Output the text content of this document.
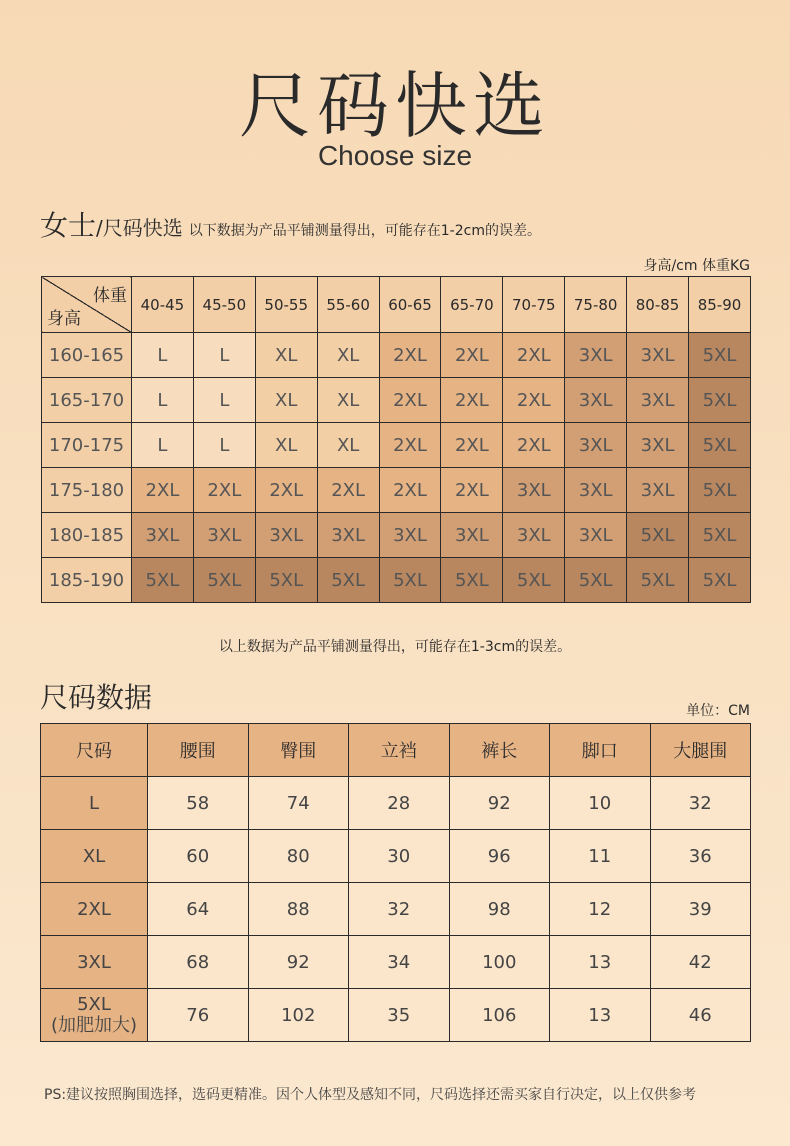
尺码快选
Choose size
女士/尺码快选 以下数据为产品平铺测量得出，可能存在1-2cm的误差。
身高/cm 体重KG
体重
身高	40-45	45-50	50-55	55-60	60-65	65-70	70-75	75-80	80-85	85-90
160-165	L	L	XL	XL	2XL	2XL	2XL	3XL	3XL	5XL
165-170	L	L	XL	XL	2XL	2XL	2XL	3XL	3XL	5XL
170-175	L	L	XL	XL	2XL	2XL	2XL	3XL	3XL	5XL
175-180	2XL	2XL	2XL	2XL	2XL	2XL	3XL	3XL	3XL	5XL
180-185	3XL	3XL	3XL	3XL	3XL	3XL	3XL	3XL	5XL	5XL
185-190	5XL	5XL	5XL	5XL	5XL	5XL	5XL	5XL	5XL	5XL
以上数据为产品平铺测量得出，可能存在1-3cm的误差。
尺码数据	单位：CM
尺码	腰围	臀围	立裆	裤长	脚口	大腿围

L	58	74	28	92	10	32

XL	60	80	30	96	11	36

2XL	64	88	32	98	12	39

3XL	68	92	34	100	13	42

5XL
(加肥加大)	76	102	35	106	13	46
PS:建议按照胸围选择，选码更精准。因个人体型及感知不同，尺码选择还需买家自行决定，以上仅供参考
